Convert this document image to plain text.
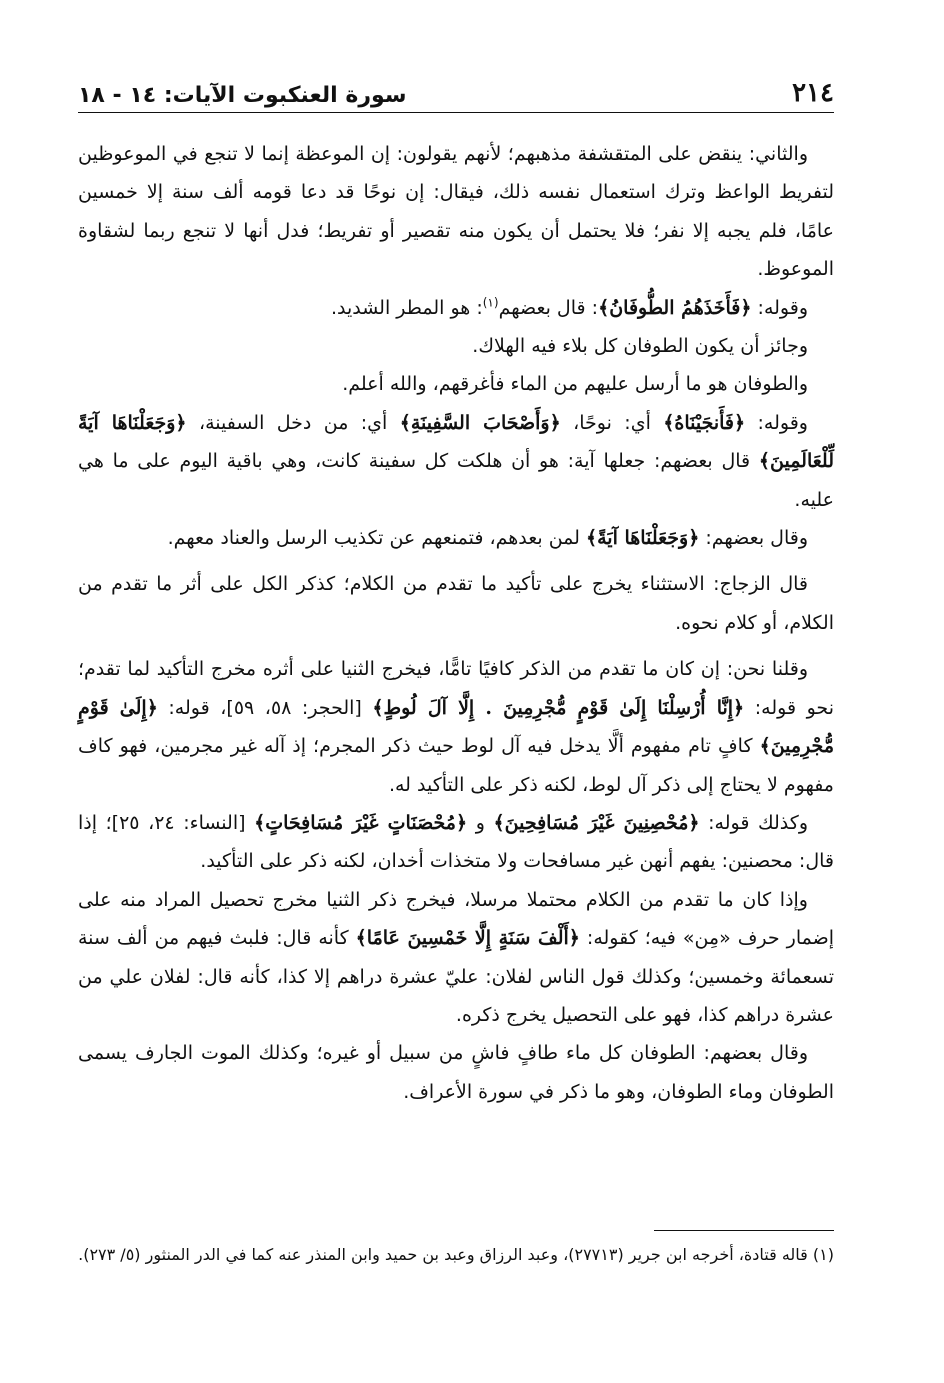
٢١٤
سورة العنكبوت الآيات: ١٤ - ١٨

والثاني: ينقض على المتقشفة مذهبهم؛ لأنهم يقولون: إن الموعظة إنما لا تنجع في الموعوظين لتفريط الواعظ وترك استعمال نفسه ذلك، فيقال: إن نوحًا قد دعا قومه ألف سنة إلا خمسين عامًا، فلم يجبه إلا نفر؛ فلا يحتمل أن يكون منه تقصير أو تفريط؛ فدل أنها لا تنجع ربما لشقاوة الموعوظ.

وقوله: ﴿فَأَخَذَهُمُ الطُّوفَانُ﴾: قال بعضهم$^{(١)}$: هو المطر الشديد.

وجائز أن يكون الطوفان كل بلاء فيه الهلاك.

والطوفان هو ما أرسل عليهم من الماء فأغرقهم، والله أعلم.

وقوله: ﴿فَأَنجَيْنَاهُ﴾ أي: نوحًا، ﴿وَأَصْحَابَ السَّفِينَةِ﴾ أي: من دخل السفينة، ﴿وَجَعَلْنَاهَا آيَةً لِّلْعَالَمِينَ﴾ قال بعضهم: جعلها آية: هو أن هلكت كل سفينة كانت، وهي باقية اليوم على ما هي عليه.

وقال بعضهم: ﴿وَجَعَلْنَاهَا آيَةً﴾ لمن بعدهم، فتمنعهم عن تكذيب الرسل والعناد معهم.

قال الزجاج: الاستثناء يخرج على تأكيد ما تقدم من الكلام؛ كذكر الكل على أثر ما تقدم من الكلام، أو كلام نحوه.

وقلنا نحن: إن كان ما تقدم من الذكر كافيًا تامًّا، فيخرج الثنيا على أثره مخرج التأكيد لما تقدم؛ نحو قوله: ﴿إِنَّا أُرْسِلْنَا إِلَىٰ قَوْمٍ مُّجْرِمِينَ . إِلَّا آلَ لُوطٍ﴾ [الحجر: ٥٨، ٥٩]، قوله: ﴿إِلَىٰ قَوْمٍ مُّجْرِمِينَ﴾ كافٍ تام مفهوم ألَّا يدخل فيه آل لوط حيث ذكر المجرم؛ إذ آله غير مجرمين، فهو كاف مفهوم لا يحتاج إلى ذكر آل لوط، لكنه ذكر على التأكيد له.

وكذلك قوله: ﴿مُحْصِنِينَ غَيْرَ مُسَافِحِينَ﴾ و ﴿مُحْصَنَاتٍ غَيْرَ مُسَافِحَاتٍ﴾ [النساء: ٢٤، ٢٥]؛ إذا قال: محصنين: يفهم أنهن غير مسافحات ولا متخذات أخدان، لكنه ذكر على التأكيد.

وإذا كان ما تقدم من الكلام محتملا مرسلا، فيخرج ذكر الثنيا مخرج تحصيل المراد منه على إضمار حرف «مِن» فيه؛ كقوله: ﴿أَلْفَ سَنَةٍ إِلَّا خَمْسِينَ عَامًا﴾ كأنه قال: فلبث فيهم من ألف سنة تسعمائة وخمسين؛ وكذلك قول الناس لفلان: عليّ عشرة دراهم إلا كذا، كأنه قال: لفلان علي من عشرة دراهم كذا، فهو على التحصيل يخرج ذكره.

وقال بعضهم: الطوفان كل ماء طافٍ فاشٍ من سبيل أو غيره؛ وكذلك الموت الجارف يسمى الطوفان وماء الطوفان، وهو ما ذكر في سورة الأعراف.

(١) قاله قتادة، أخرجه ابن جرير (٢٧٧١٣)، وعبد الرزاق وعبد بن حميد وابن المنذر عنه كما في الدر المنثور (٥/ ٢٧٣).
